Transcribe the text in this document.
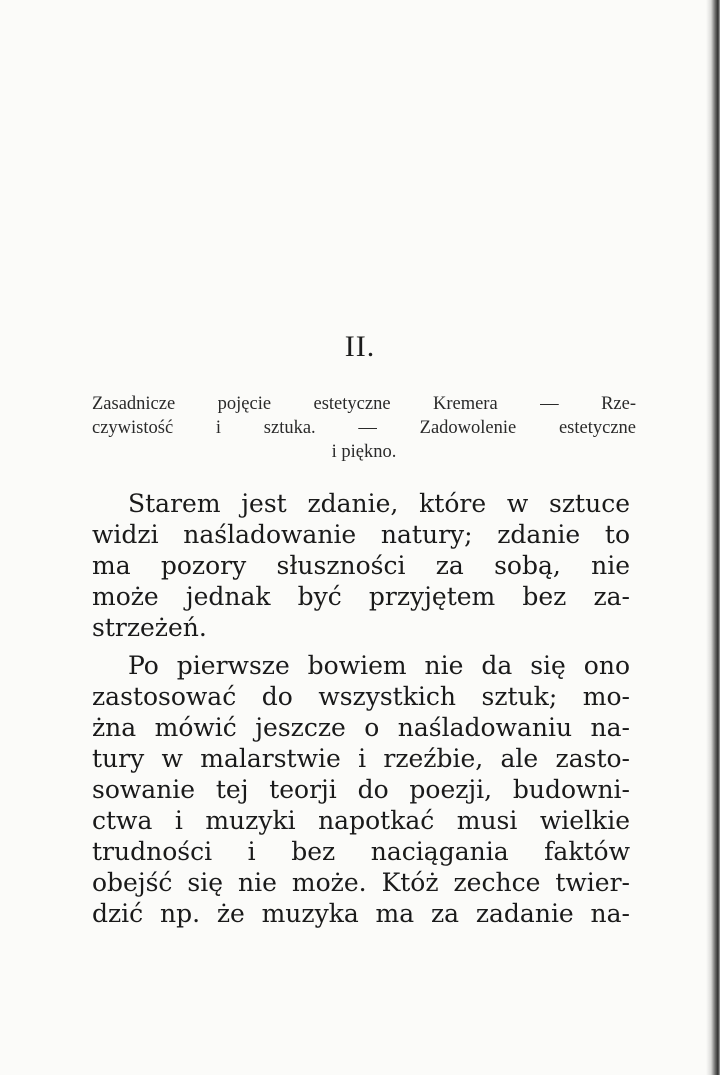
II.
Zasadnicze pojęcie estetyczne Kremera — Rze-
czywistość i sztuka. — Zadowolenie estetyczne
i piękno.
Starem jest zdanie, które w sztuce
widzi naśladowanie natury; zdanie to
ma pozory słuszności za sobą, nie
może jednak być przyjętem bez za-
strzeżeń.
Po pierwsze bowiem nie da się ono
zastosować do wszystkich sztuk; mo-
żna mówić jeszcze o naśladowaniu na-
tury w malarstwie i rzeźbie, ale zasto-
sowanie tej teorji do poezji, budowni-
ctwa i muzyki napotkać musi wielkie
trudności i bez naciągania faktów
obejść się nie może. Któż zechce twier-
dzić np. że muzyka ma za zadanie na-
